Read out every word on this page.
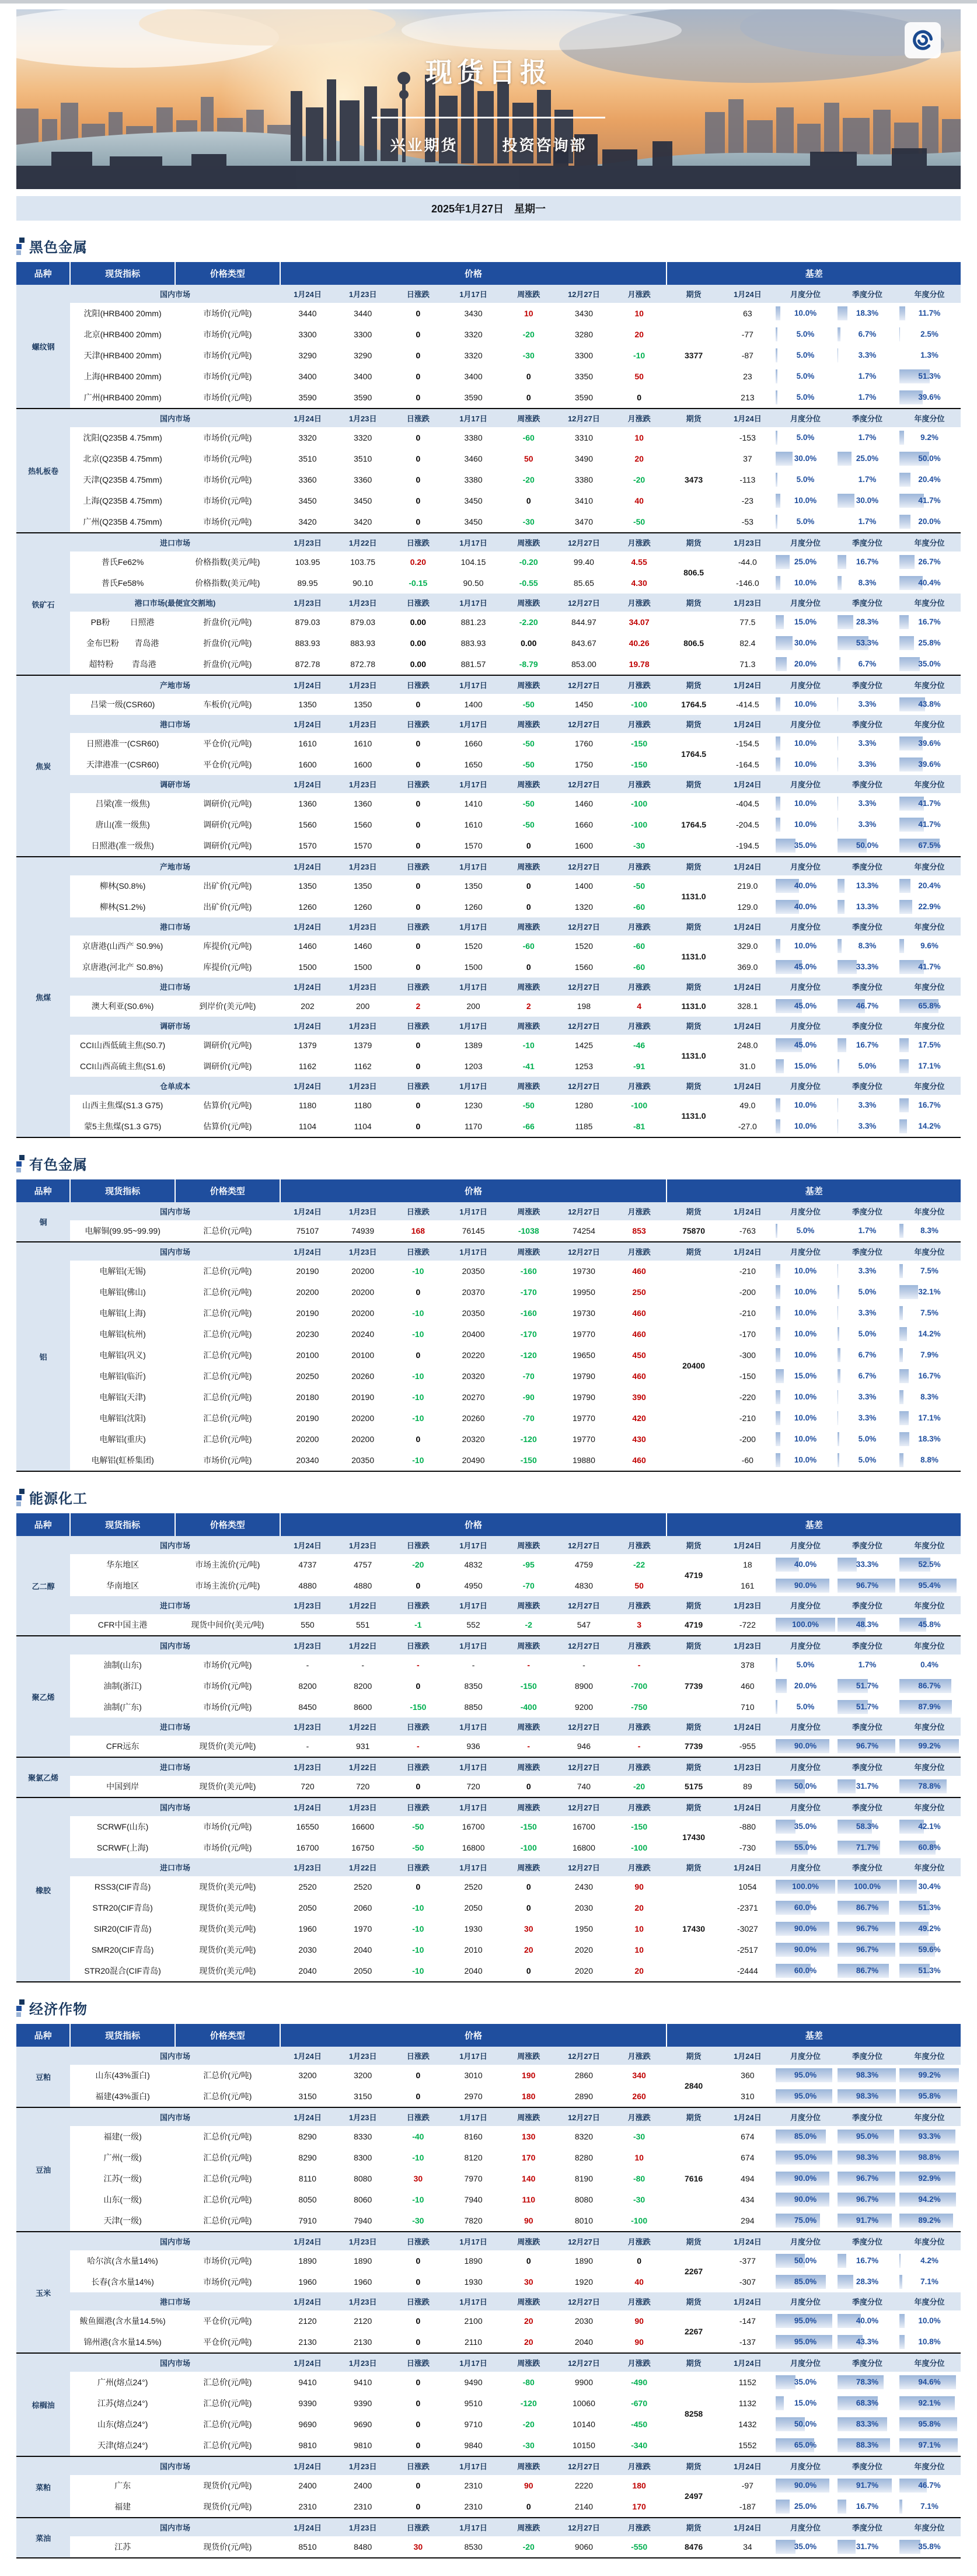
现货日报
兴业期货	投资咨询部
2025年1月27日 星期一
黑色金属
品种	现货指标	价格类型	价格							基差				
螺纹钢	国内市场		1月24日	1月23日	日涨跌	1月17日	周涨跌	12月27日	月涨跌	期货	1月24日	月度分位	季度分位	年度分位
	沈阳(HRB400 20mm)	市场价(元/吨)	3440	3440	0	3430	10	3430	10	3377	63	10.0%	18.3%	11.7%

	北京(HRB400 20mm)	市场价(元/吨)	3300	3300	0	3320	-20	3280	20		-77	5.0%	6.7%	2.5%

	天津(HRB400 20mm)	市场价(元/吨)	3290	3290	0	3320	-30	3300	-10		-87	5.0%	3.3%	1.3%

	上海(HRB400 20mm)	市场价(元/吨)	3400	3400	0	3400	0	3350	50		23	5.0%	1.7%	51.3%

	广州(HRB400 20mm)	市场价(元/吨)	3590	3590	0	3590	0	3590	0		213	5.0%	1.7%	39.6%

热轧板卷	国内市场		1月24日	1月23日	日涨跌	1月17日	周涨跌	12月27日	月涨跌	期货	1月24日	月度分位	季度分位	年度分位
	沈阳(Q235B 4.75mm)	市场价(元/吨)	3320	3320	0	3380	-60	3310	10	3473	-153	5.0%	1.7%	9.2%

	北京(Q235B 4.75mm)	市场价(元/吨)	3510	3510	0	3460	50	3490	20		37	30.0%	25.0%	50.0%

	天津(Q235B 4.75mm)	市场价(元/吨)	3360	3360	0	3380	-20	3380	-20		-113	5.0%	1.7%	20.4%

	上海(Q235B 4.75mm)	市场价(元/吨)	3450	3450	0	3450	0	3410	40		-23	10.0%	30.0%	41.7%

	广州(Q235B 4.75mm)	市场价(元/吨)	3420	3420	0	3450	-30	3470	-50		-53	5.0%	1.7%	20.0%

铁矿石	进口市场		1月23日	1月22日	日涨跌	1月17日	周涨跌	12月27日	月涨跌	期货	1月23日	月度分位	季度分位	年度分位
	普氏Fe62%	价格指数(美元/吨)	103.95	103.75	0.20	104.15	-0.20	99.40	4.55	806.5	-44.0	25.0%	16.7%	26.7%

	普氏Fe58%	价格指数(美元/吨)	89.95	90.10	-0.15	90.50	-0.55	85.65	4.30		-146.0	10.0%	8.3%	40.4%

	港口市场(最便宜交割地)		1月23日	1月23日	日涨跌	1月17日	周涨跌	12月27日	月涨跌	期货	1月23日	月度分位	季度分位	年度分位

	PB粉 日照港	折盘价(元/吨)	879.03	879.03	0.00	881.23	-2.20	844.97	34.07	806.5	77.5	15.0%	28.3%	16.7%

	金布巴粉 青岛港	折盘价(元/吨)	883.93	883.93	0.00	883.93	0.00	843.67	40.26		82.4	30.0%	53.3%	25.8%

	超特粉 青岛港	折盘价(元/吨)	872.78	872.78	0.00	881.57	-8.79	853.00	19.78		71.3	20.0%	6.7%	35.0%

焦炭	产地市场		1月24日	1月23日	日涨跌	1月17日	周涨跌	12月27日	月涨跌	期货	1月24日	月度分位	季度分位	年度分位
	吕梁一级(CSR60)	车板价(元/吨)	1350	1350	0	1400	-50	1450	-100	1764.5	-414.5	10.0%	3.3%	43.8%

	港口市场		1月24日	1月23日	日涨跌	1月17日	周涨跌	12月27日	月涨跌	期货	1月24日	月度分位	季度分位	年度分位
	日照港准一(CSR60)	平仓价(元/吨)	1610	1610	0	1660	-50	1760	-150	1764.5	-154.5	10.0%	3.3%	39.6%

	天津港准一(CSR60)	平仓价(元/吨)	1600	1600	0	1650	-50	1750	-150		-164.5	10.0%	3.3%	39.6%

	调研市场		1月24日	1月23日	日涨跌	1月17日	周涨跌	12月27日	月涨跌	期货	1月24日	月度分位	季度分位	年度分位
	吕梁(准一级焦)	调研价(元/吨)	1360	1360	0	1410	-50	1460	-100	1764.5	-404.5	10.0%	3.3%	41.7%

	唐山(准一级焦)	调研价(元/吨)	1560	1560	0	1610	-50	1660	-100		-204.5	10.0%	3.3%	41.7%

	日照港(准一级焦)	调研价(元/吨)	1570	1570	0	1570	0	1600	-30		-194.5	35.0%	50.0%	67.5%

焦煤	产地市场		1月24日	1月23日	日涨跌	1月17日	周涨跌	12月27日	月涨跌	期货	1月24日	月度分位	季度分位	年度分位
	柳林(S0.8%)	出矿价(元/吨)	1350	1350	0	1350	0	1400	-50	1131.0	219.0	40.0%	13.3%	20.4%

	柳林(S1.2%)	出矿价(元/吨)	1260	1260	0	1260	0	1320	-60		129.0	40.0%	13.3%	22.9%

	港口市场		1月24日	1月23日	日涨跌	1月17日	周涨跌	12月27日	月涨跌	期货	1月24日	月度分位	季度分位	年度分位
	京唐港(山西产 S0.9%)	库提价(元/吨)	1460	1460	0	1520	-60	1520	-60	1131.0	329.0	10.0%	8.3%	9.6%

	京唐港(河北产 S0.8%)	库提价(元/吨)	1500	1500	0	1500	0	1560	-60		369.0	45.0%	33.3%	41.7%

	进口市场		1月24日	1月23日	日涨跌	1月17日	周涨跌	12月27日	月涨跌	期货	1月24日	月度分位	季度分位	年度分位
	澳大利亚(S0.6%)	到岸价(美元/吨)	202	200	2	200	2	198	4	1131.0	328.1	45.0%	46.7%	65.8%

	调研市场		1月24日	1月23日	日涨跌	1月17日	周涨跌	12月27日	月涨跌	期货	1月24日	月度分位	季度分位	年度分位
	CCI山西低硫主焦(S0.7)	调研价(元/吨)	1379	1379	0	1389	-10	1425	-46	1131.0	248.0	45.0%	16.7%	17.5%

	CCI山西高硫主焦(S1.6)	调研价(元/吨)	1162	1162	0	1203	-41	1253	-91		31.0	15.0%	5.0%	17.1%

	仓单成本		1月24日	1月23日	日涨跌	1月17日	周涨跌	12月27日	月涨跌	期货	1月24日	月度分位	季度分位	年度分位
	山西主焦煤(S1.3 G75)	估算价(元/吨)	1180	1180	0	1230	-50	1280	-100	1131.0	49.0	10.0%	3.3%	16.7%

	蒙5主焦煤(S1.3 G75)	估算价(元/吨)	1104	1104	0	1170	-66	1185	-81		-27.0	10.0%	3.3%	14.2%
有色金属
品种	现货指标	价格类型	价格							基差				
铜	国内市场		1月24日	1月23日	日涨跌	1月17日	周涨跌	12月27日	月涨跌	期货	1月24日	月度分位	季度分位	年度分位
	电解铜(99.95~99.99)	汇总价(元/吨)	75107	74939	168	76145	-1038	74254	853	75870	-763	5.0%	1.7%	8.3%

铝	国内市场		1月24日	1月23日	日涨跌	1月17日	周涨跌	12月27日	月涨跌	期货	1月24日	月度分位	季度分位	年度分位
	电解铝(无锡)	汇总价(元/吨)	20190	20200	-10	20350	-160	19730	460	20400	-210	10.0%	3.3%	7.5%

	电解铝(佛山)	汇总价(元/吨)	20200	20200	0	20370	-170	19950	250		-200	10.0%	5.0%	32.1%

	电解铝(上海)	汇总价(元/吨)	20190	20200	-10	20350	-160	19730	460		-210	10.0%	3.3%	7.5%

	电解铝(杭州)	汇总价(元/吨)	20230	20240	-10	20400	-170	19770	460		-170	10.0%	5.0%	14.2%

	电解铝(巩义)	汇总价(元/吨)	20100	20100	0	20220	-120	19650	450		-300	10.0%	6.7%	7.9%

	电解铝(临沂)	汇总价(元/吨)	20250	20260	-10	20320	-70	19790	460		-150	15.0%	6.7%	16.7%

	电解铝(天津)	汇总价(元/吨)	20180	20190	-10	20270	-90	19790	390		-220	10.0%	3.3%	8.3%

	电解铝(沈阳)	汇总价(元/吨)	20190	20200	-10	20260	-70	19770	420		-210	10.0%	3.3%	17.1%

	电解铝(重庆)	汇总价(元/吨)	20200	20200	0	20320	-120	19770	430		-200	10.0%	5.0%	18.3%

	电解铝(虹桥集团)	市场价(元/吨)	20340	20350	-10	20490	-150	19880	460		-60	10.0%	5.0%	8.8%
能源化工
品种	现货指标	价格类型	价格							基差				
乙二醇	国内市场		1月24日	1月23日	日涨跌	1月17日	周涨跌	12月27日	月涨跌	期货	1月24日	月度分位	季度分位	年度分位
	华东地区	市场主流价(元/吨)	4737	4757	-20	4832	-95	4759	-22	4719	18	40.0%	33.3%	52.5%

	华南地区	市场主流价(元/吨)	4880	4880	0	4950	-70	4830	50		161	90.0%	96.7%	95.4%

	进口市场		1月23日	1月22日	日涨跌	1月17日	周涨跌	12月27日	月涨跌	期货	1月23日	月度分位	季度分位	年度分位
	CFR中国主港	现货中间价(美元/吨)	550	551	-1	552	-2	547	3	4719	-722	100.0%	48.3%	45.8%

聚乙烯	国内市场		1月23日	1月22日	日涨跌	1月17日	周涨跌	12月27日	月涨跌	期货	1月23日	月度分位	季度分位	年度分位
	油制(山东)	市场价(元/吨)	-	-	-	-	-	-	-	7739	378	5.0%	1.7%	0.4%

	油制(浙江)	市场价(元/吨)	8200	8200	0	8350	-150	8900	-700		460	20.0%	51.7%	86.7%

	油制(广东)	市场价(元/吨)	8450	8600	-150	8850	-400	9200	-750		710	5.0%	51.7%	87.9%

	进口市场		1月23日	1月22日	日涨跌	1月17日	周涨跌	12月27日	月涨跌	期货	1月24日	月度分位	季度分位	年度分位
	CFR远东	现货价(美元/吨)	-	931	-	936	-	946	-	7739	-955	90.0%	96.7%	99.2%

聚氯乙烯	进口市场		1月23日	1月22日	日涨跌	1月17日	周涨跌	12月27日	月涨跌	期货	1月23日	月度分位	季度分位	年度分位
	中国到岸	现货价(美元/吨)	720	720	0	720	0	740	-20	5175	89	50.0%	31.7%	78.8%

橡胶	国内市场		1月24日	1月23日	日涨跌	1月17日	周涨跌	12月27日	月涨跌	期货	1月24日	月度分位	季度分位	年度分位
	SCRWF(山东)	市场价(元/吨)	16550	16600	-50	16700	-150	16700	-150	17430	-880	35.0%	58.3%	42.1%

	SCRWF(上海)	市场价(元/吨)	16700	16750	-50	16800	-100	16800	-100		-730	55.0%	71.7%	60.8%

	进口市场		1月23日	1月22日	日涨跌	1月17日	周涨跌	12月27日	月涨跌	期货	1月24日	月度分位	季度分位	年度分位
	RSS3(CIF青岛)	现货价(美元/吨)	2520	2520	0	2520	0	2430	90	17430	1054	100.0%	100.0%	30.4%

	STR20(CIF青岛)	现货价(美元/吨)	2050	2060	-10	2050	0	2030	20		-2371	60.0%	86.7%	51.3%

	SIR20(CIF青岛)	现货价(美元/吨)	1960	1970	-10	1930	30	1950	10		-3027	90.0%	96.7%	49.2%

	SMR20(CIF青岛)	现货价(美元/吨)	2030	2040	-10	2010	20	2020	10		-2517	90.0%	96.7%	59.6%

	STR20混合(CIF青岛)	现货价(美元/吨)	2040	2050	-10	2040	0	2020	20		-2444	60.0%	86.7%	51.3%
经济作物
品种	现货指标	价格类型	价格							基差				
豆粕	国内市场		1月24日	1月23日	日涨跌	1月17日	周涨跌	12月27日	月涨跌	期货	1月24日	月度分位	季度分位	年度分位
	山东(43%蛋白)	汇总价(元/吨)	3200	3200	0	3010	190	2860	340	2840	360	95.0%	98.3%	99.2%

	福建(43%蛋白)	汇总价(元/吨)	3150	3150	0	2970	180	2890	260		310	95.0%	98.3%	95.8%

豆油	国内市场		1月24日	1月23日	日涨跌	1月17日	周涨跌	12月27日	月涨跌	期货	1月24日	月度分位	季度分位	年度分位
	福建(一级)	汇总价(元/吨)	8290	8330	-40	8160	130	8320	-30	7616	674	85.0%	95.0%	93.3%

	广州(一级)	汇总价(元/吨)	8290	8300	-10	8120	170	8280	10		674	95.0%	98.3%	98.8%

	江苏(一级)	汇总价(元/吨)	8110	8080	30	7970	140	8190	-80		494	90.0%	96.7%	92.9%

	山东(一级)	汇总价(元/吨)	8050	8060	-10	7940	110	8080	-30		434	90.0%	96.7%	94.2%

	天津(一级)	汇总价(元/吨)	7910	7940	-30	7820	90	8010	-100		294	75.0%	91.7%	89.2%

玉米	国内市场		1月24日	1月23日	日涨跌	1月17日	周涨跌	12月27日	月涨跌	期货	1月24日	月度分位	季度分位	年度分位
	哈尔滨(含水量14%)	市场价(元/吨)	1890	1890	0	1890	0	1890	0	2267	-377	50.0%	16.7%	4.2%

	长春(含水量14%)	市场价(元/吨)	1960	1960	0	1930	30	1920	40		-307	85.0%	28.3%	7.1%

	港口市场		1月24日	1月23日	日涨跌	1月17日	周涨跌	12月27日	月涨跌	期货	1月24日	月度分位	季度分位	年度分位
	鲅鱼圈港(含水量14.5%)	平仓价(元/吨)	2120	2120	0	2100	20	2030	90	2267	-147	95.0%	40.0%	10.0%

	锦州港(含水量14.5%)	平仓价(元/吨)	2130	2130	0	2110	20	2040	90		-137	95.0%	43.3%	10.8%

棕榈油	国内市场		1月24日	1月23日	日涨跌	1月17日	周涨跌	12月27日	月涨跌	期货	1月24日	月度分位	季度分位	年度分位
	广州(熔点24°)	汇总价(元/吨)	9410	9410	0	9490	-80	9900	-490	8258	1152	35.0%	78.3%	94.6%

	江苏(熔点24°)	汇总价(元/吨)	9390	9390	0	9510	-120	10060	-670		1132	15.0%	68.3%	92.1%

	山东(熔点24°)	汇总价(元/吨)	9690	9690	0	9710	-20	10140	-450		1432	50.0%	83.3%	95.8%

	天津(熔点24°)	汇总价(元/吨)	9810	9810	0	9840	-30	10150	-340		1552	65.0%	88.3%	97.1%

菜粕	国内市场		1月24日	1月23日	日涨跌	1月17日	周涨跌	12月27日	月涨跌	期货	1月24日	月度分位	季度分位	年度分位
	广东	现货价(元/吨)	2400	2400	0	2310	90	2220	180	2497	-97	90.0%	91.7%	46.7%

	福建	现货价(元/吨)	2310	2310	0	2310	0	2140	170		-187	25.0%	16.7%	7.1%

菜油	国内市场		1月24日	1月23日	日涨跌	1月17日	周涨跌	12月27日	月涨跌	期货	1月24日	月度分位	季度分位	年度分位
	江苏	现货价(元/吨)	8510	8480	30	8530	-20	9060	-550	8476	34	35.0%	31.7%	35.8%
